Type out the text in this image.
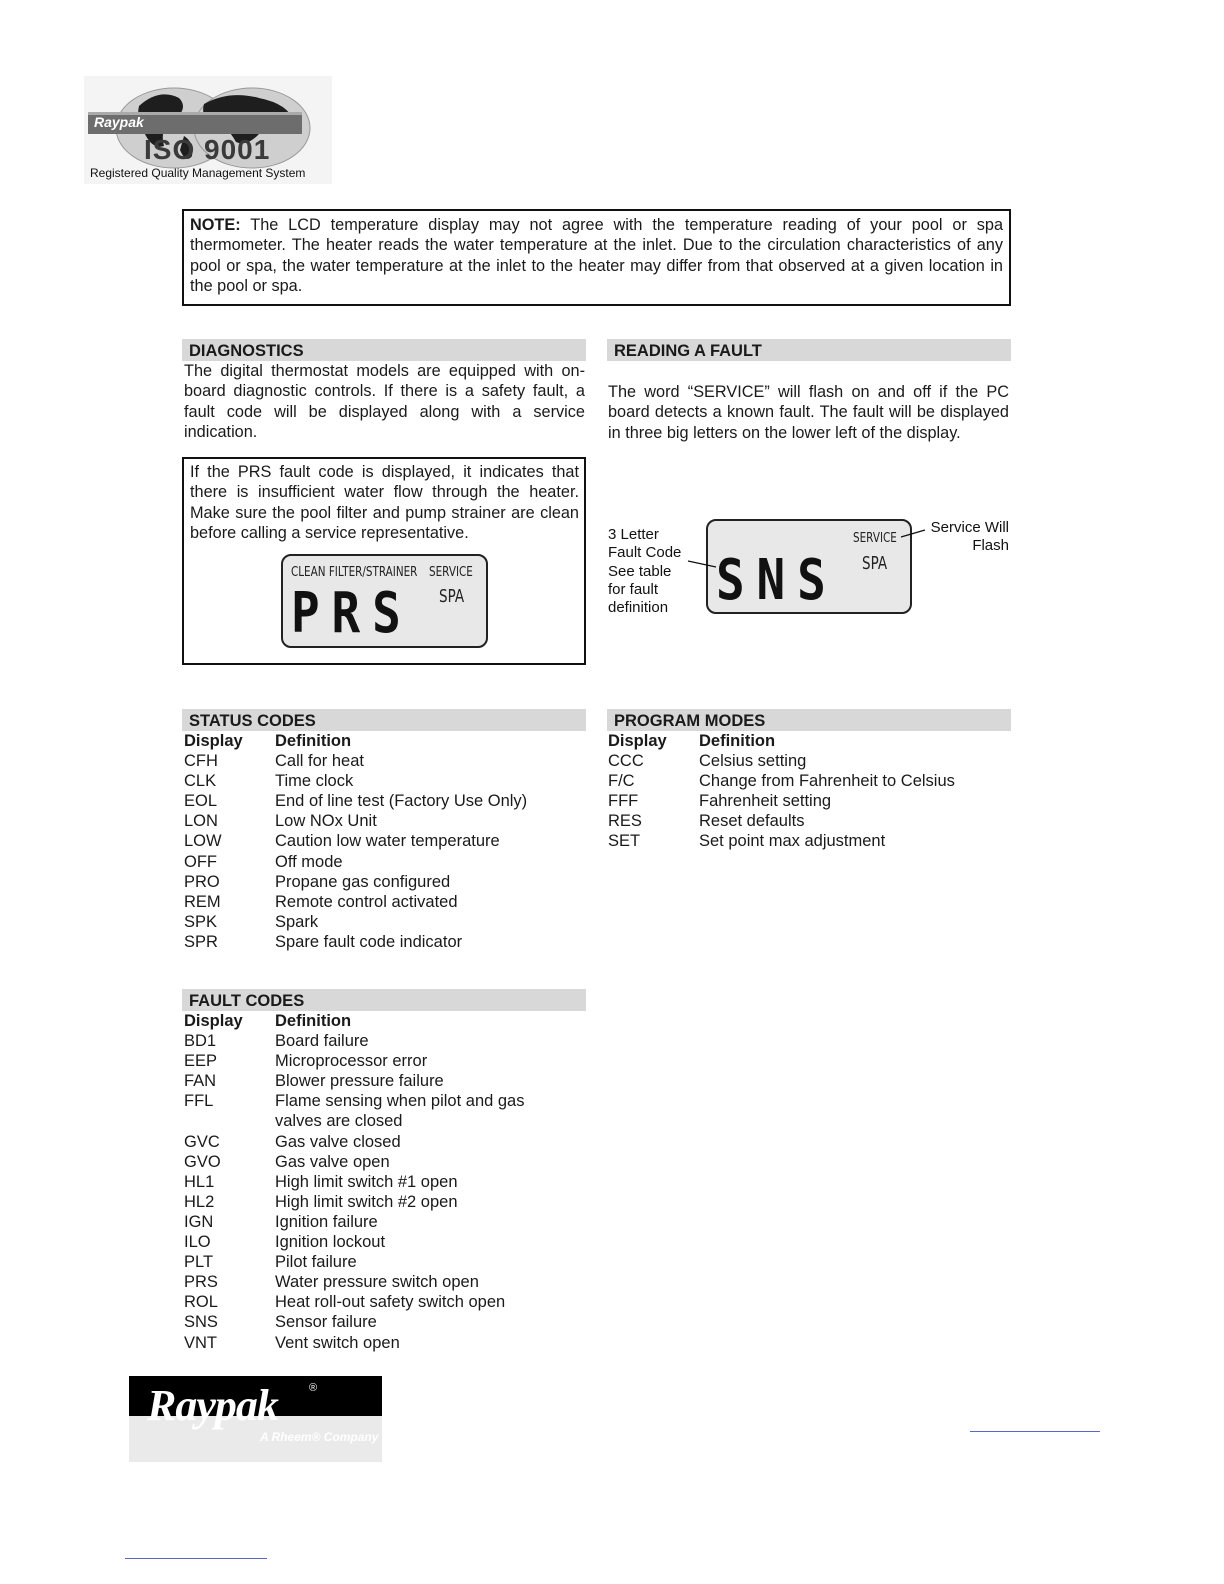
Raypak
ISO 9001
Registered Quality Management System

NOTE: The LCD temperature display may not agree with the temperature reading of your pool or spa thermometer. The heater reads the water temperature at the inlet. Due to the circulation characteristics of any pool or spa, the water temperature at the inlet to the heater may differ from that observed at a given location in the pool or spa.

DIAGNOSTICS

The digital thermostat models are equipped with on-board diagnostic controls. If there is a safety fault, a fault code will be displayed along with a service indication.

If the PRS fault code is displayed, it indicates that there is insufficient water flow through the heater. Make sure the pool filter and pump strainer are clean before calling a service representative.

CLEAN FILTER/STRAINER SERVICE
SPA
PRS
READING A FAULT

The word “SERVICE” will flash on and off if the PC board detects a known fault. The fault will be displayed in three big letters on the lower left of the display.

3 Letter
Fault Code
See table
for fault
definition
SERVICE
SPA
SNS
Service Will
Flash
STATUS CODES
Display	Definition
CFH	Call for heat
CLK	Time clock
EOL	End of line test (Factory Use Only)
LON	Low NOx Unit
LOW	Caution low water temperature
OFF	Off mode
PRO	Propane gas configured
REM	Remote control activated
SPK	Spark
SPR	Spare fault code indicator
PROGRAM MODES
Display	Definition
CCC	Celsius setting
F/C	Change from Fahrenheit to Celsius
FFF	Fahrenheit setting
RES	Reset defaults
SET	Set point max adjustment
FAULT CODES
Display	Definition
BD1	Board failure
EEP	Microprocessor error
FAN	Blower pressure failure
FFL	Flame sensing when pilot and gas
valves are closed
GVC	Gas valve closed
GVO	Gas valve open
HL1	High limit switch #1 open
HL2	High limit switch #2 open
IGN	Ignition failure
ILO	Ignition lockout
PLT	Pilot failure
PRS	Water pressure switch open
ROL	Heat roll-out safety switch open
SNS	Sensor failure
VNT	Vent switch open
Raypak	®
A Rheem® Company
